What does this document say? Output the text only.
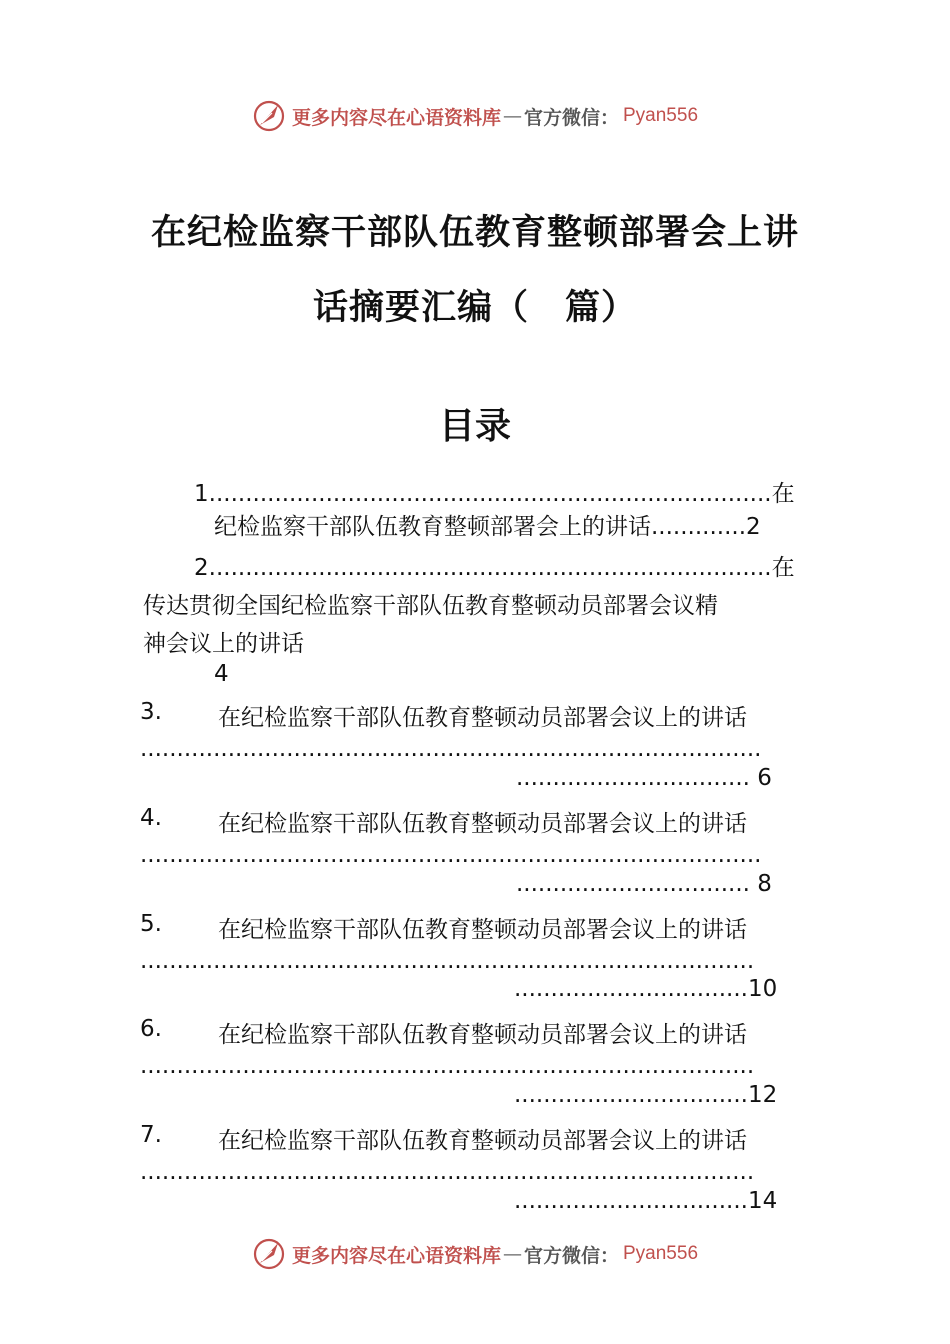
更多内容尽在心语资料库 — 官方微信： Pyan556
在纪检监察干部队伍教育整顿部署会上讲
话摘要汇编（　篇）
目录
1.............................................................................在
纪检监察干部队伍教育整顿部署会上的讲话.............2
2.............................................................................在
传达贯彻全国纪检监察干部队伍教育整顿动员部署会议精
神会议上的讲话
4
3. 在纪检监察干部队伍教育整顿动员部署会议上的讲话
.....................................................................................
................................ 6
4. 在纪检监察干部队伍教育整顿动员部署会议上的讲话
.....................................................................................
................................ 8
5. 在纪检监察干部队伍教育整顿动员部署会议上的讲话
....................................................................................
................................10
6. 在纪检监察干部队伍教育整顿动员部署会议上的讲话
....................................................................................
................................12
7. 在纪检监察干部队伍教育整顿动员部署会议上的讲话
....................................................................................
................................14
更多内容尽在心语资料库 — 官方微信： Pyan556
